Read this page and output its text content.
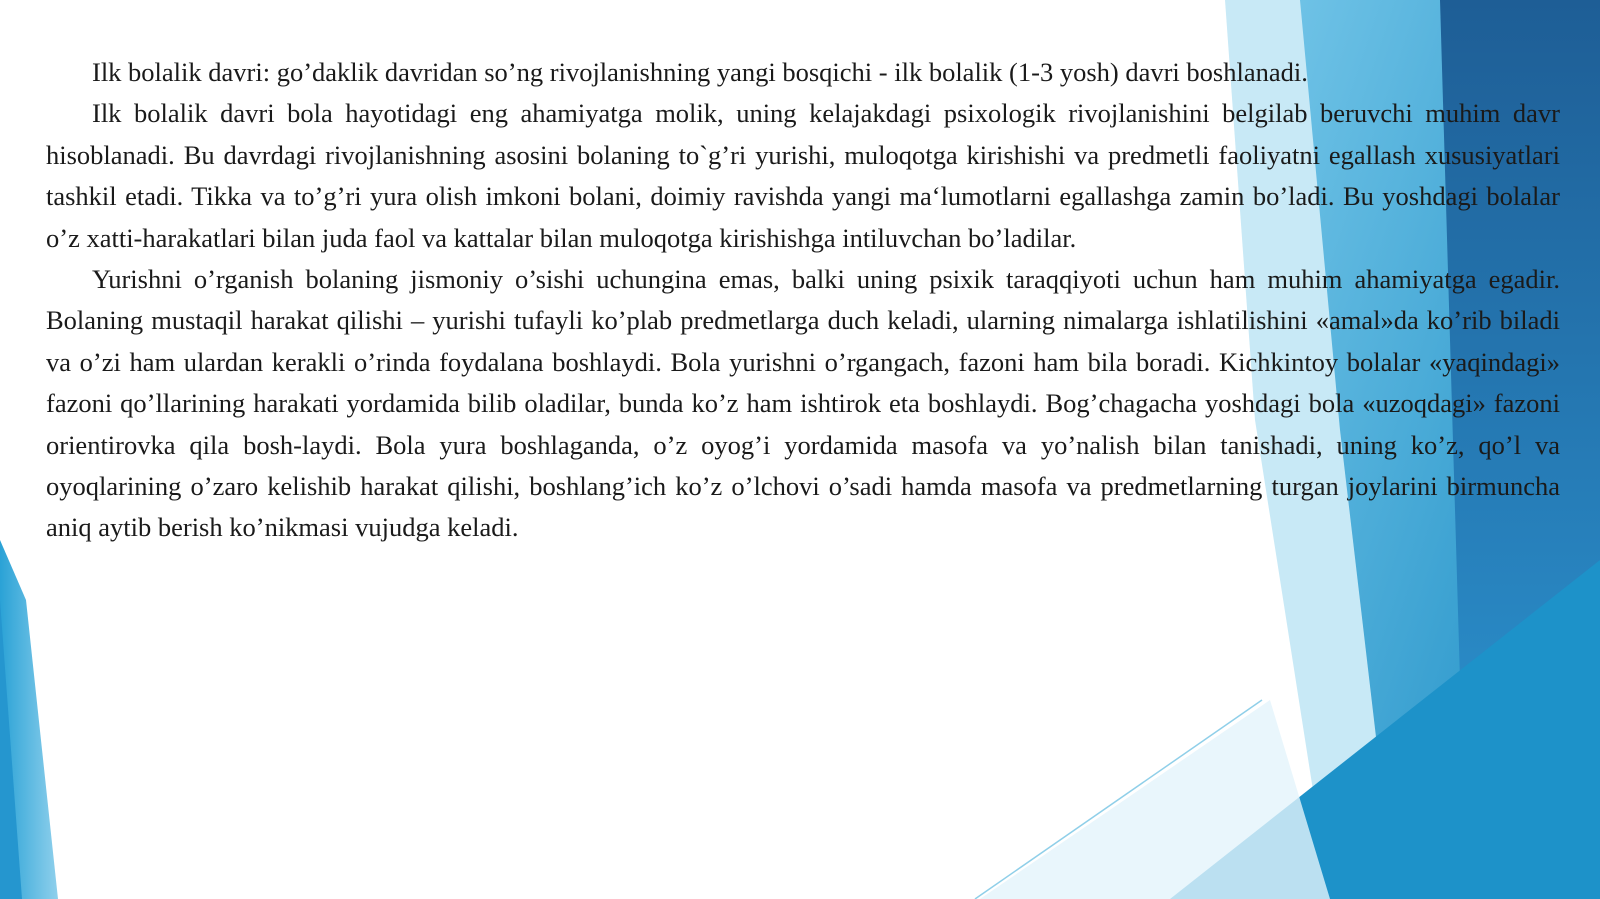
Ilk bolalik davri: go’daklik davridan so’ng rivojlanishning yangi bosqichi - ilk bolalik (1-3 yosh) davri boshlanadi.

Ilk bolalik davri bola hayotidagi eng ahamiyatga molik, uning kelajakdagi psixologik rivojlanishini belgilab beruvchi muhim davr hisoblanadi. Bu davrdagi rivojlanishning asosini bolaning to`g’ri yurishi, muloqotga kirishishi va predmetli faoliyatni egallash xususiyatlari tashkil etadi. Tikka va to’g’ri yura olish imkoni bolani, doimiy ravishda yangi ma‘lumotlarni egallashga zamin bo’ladi. Bu yoshdagi bolalar o’z xatti-harakatlari bilan juda faol va kattalar bilan muloqotga kirishishga intiluvchan bo’ladilar.

Yurishni o’rganish bolaning jismoniy o’sishi uchungina emas, balki uning psixik taraqqiyoti uchun ham muhim ahamiyatga egadir. Bolaning mustaqil harakat qilishi – yurishi tufayli ko’plab predmetlarga duch keladi, ularning nimalarga ishlatilishini «amal»da ko’rib biladi va o’zi ham ulardan kerakli o’rinda foydalana boshlaydi. Bola yurishni o’rgangach, fazoni ham bila boradi. Kichkintoy bolalar «yaqindagi» fazoni qo’llarining harakati yordamida bilib oladilar, bunda ko’z ham ishtirok eta boshlaydi. Bog’chagacha yoshdagi bola «uzoqdagi» fazoni orientirovka qila bosh-laydi. Bola yura boshlaganda, o’z oyog’i yordamida masofa va yo’nalish bilan tanishadi, uning ko’z, qo’l va oyoqlarining o’zaro kelishib harakat qilishi, boshlang’ich ko’z o’lchovi o’sadi hamda masofa va predmetlarning turgan joylarini birmuncha aniq aytib berish ko’nikmasi vujudga keladi.
